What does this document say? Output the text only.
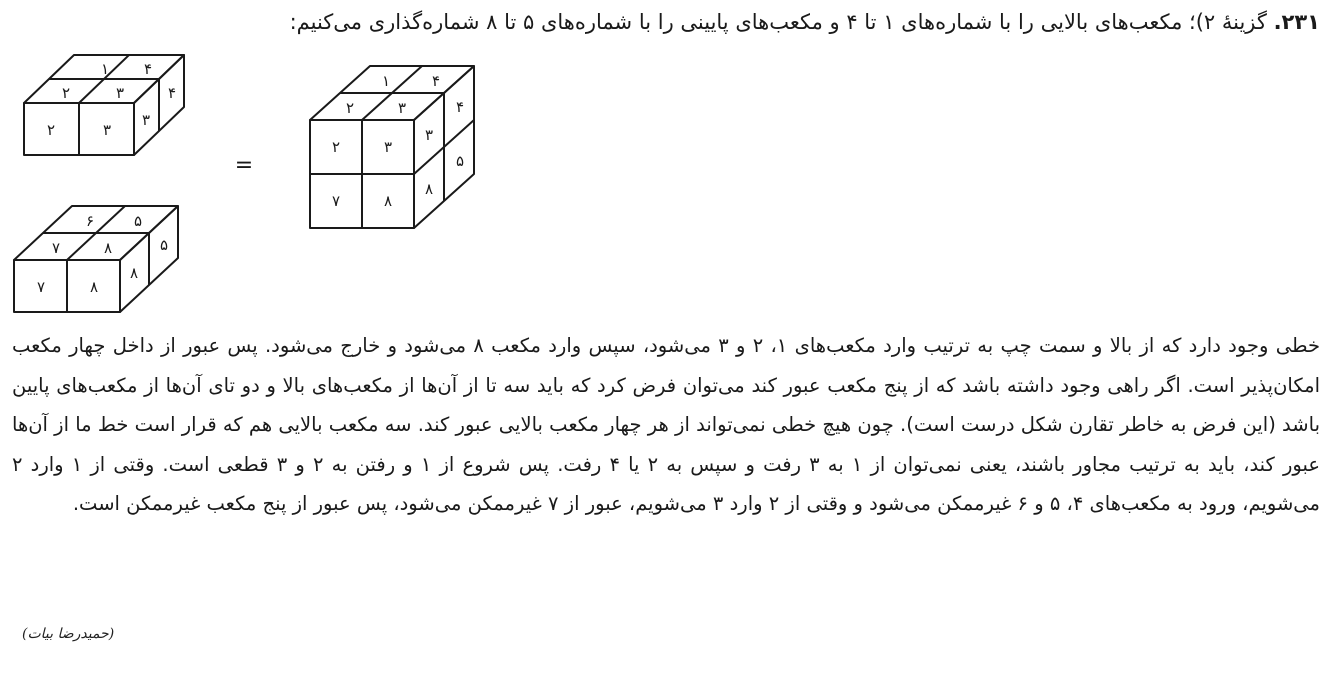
۲۳۱. گزینهٔ ۲)؛ مکعب‌های بالایی را با شماره‌های ۱ تا ۴ و مکعب‌های پایینی را با شماره‌های ۵ تا ۸ شماره‌گذاری می‌کنیم:
۱ ۴
۲	۳
۲	۳
۳
۴
=
۶	۵
۷	۸
۷	۸
۸
۵
۱	۴
۲	۳
۲	۳
۷	۸
۳
۴
۸
۵
خطی وجود دارد که از بالا و سمت چپ به ترتیب وارد مکعب‌های ۱، ۲ و ۳ می‌شود، سپس وارد مکعب ۸ می‌شود و خارج می‌شود. پس عبور از داخل چهار مکعب امکان‌پذیر است. اگر راهی وجود داشته باشد که از پنج مکعب عبور کند می‌توان فرض کرد که باید سه تا از آن‌ها از مکعب‌های بالا و دو تای آن‌ها از مکعب‌های پایین باشد (این فرض به خاطر تقارن شکل درست است). چون هیچ خطی نمی‌تواند از هر چهار مکعب بالایی عبور کند. سه مکعب بالایی هم که قرار است خط ما از آن‌ها عبور کند، باید به ترتیب مجاور باشند، یعنی نمی‌توان از ۱ به ۳ رفت و سپس به ۲ یا ۴ رفت. پس شروع از ۱ و رفتن به ۲ و ۳ قطعی است. وقتی از ۱ وارد ۲ می‌شویم، ورود به مکعب‌های ۴، ۵ و ۶ غیرممکن می‌شود و وقتی از ۲ وارد ۳ می‌شویم، عبور از ۷ غیرممکن می‌شود، پس عبور از پنج مکعب غیرممکن است.
(حمیدرضا بیات)
